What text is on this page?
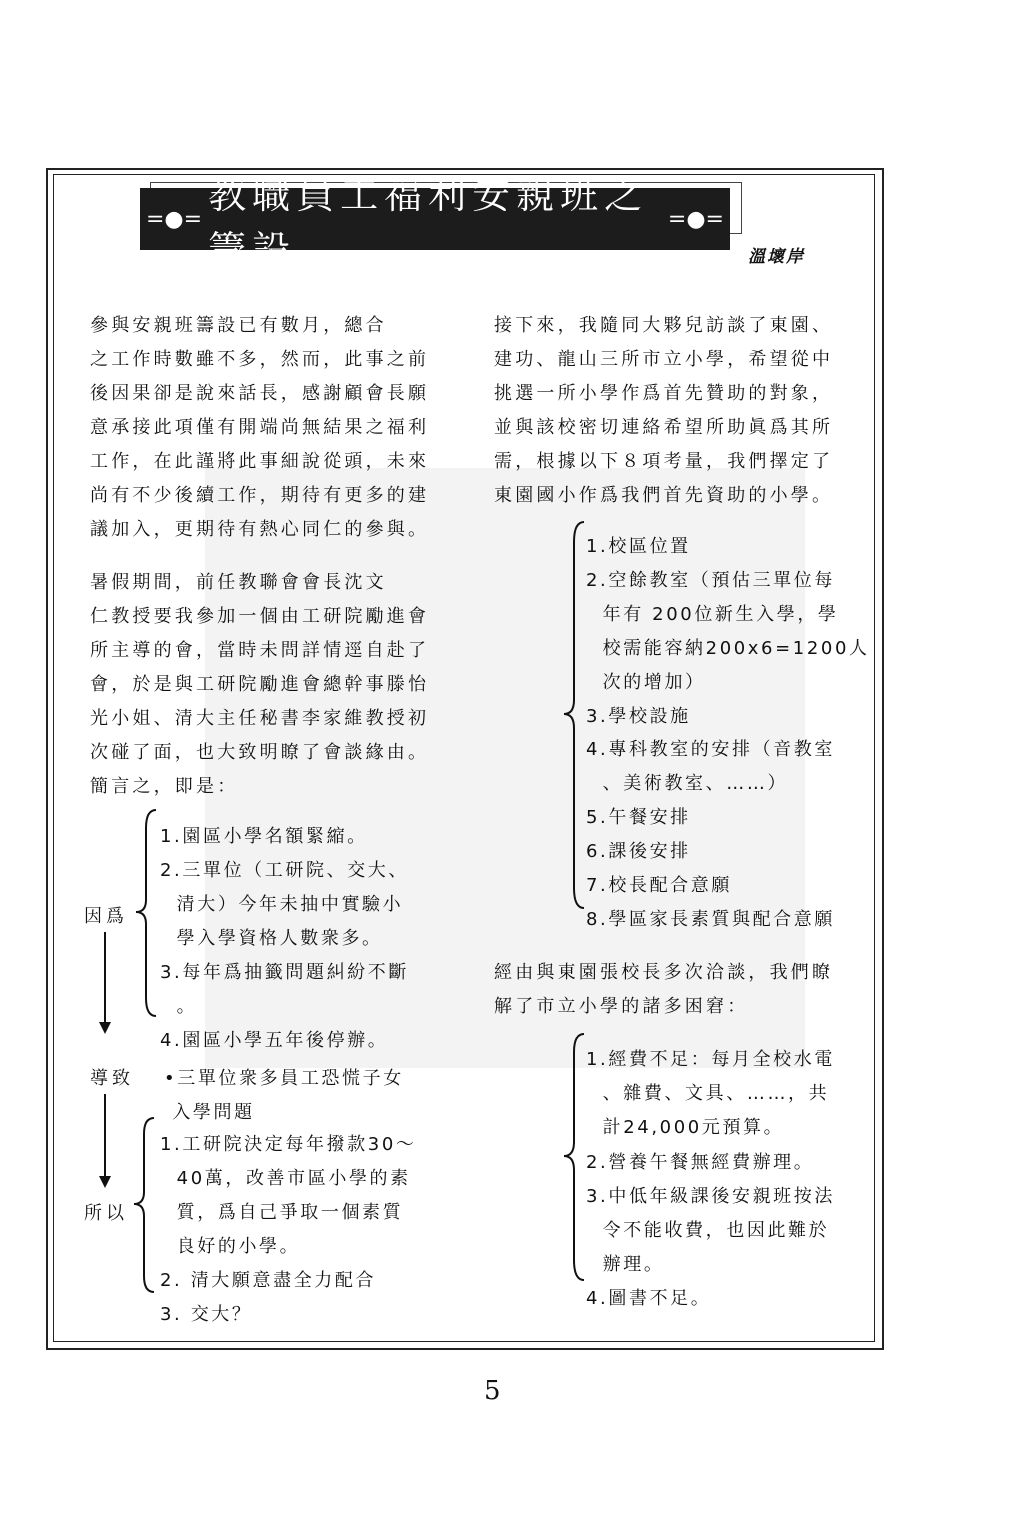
=●=
教職員工福利安親班之籌設
=●=
溫壞岸
參與安親班籌設已有數月，總合
之工作時數雖不多，然而，此事之前
後因果卻是說來話長，感謝顧會長願
意承接此項僅有開端尚無結果之福利
工作，在此謹將此事細說從頭，未來
尚有不少後續工作，期待有更多的建
議加入，更期待有熱心同仁的參與。
暑假期間，前任教聯會會長沈文
仁教授要我參加一個由工研院勵進會
所主導的會，當時未問詳情逕自赴了
會，於是與工研院勵進會總幹事滕怡
光小姐、清大主任秘書李家維教授初
次碰了面，也大致明瞭了會談緣由。
簡言之，即是：
因爲
1.園區小學名額緊縮。
2.三單位（工研院、交大、
清大）今年未抽中實驗小
學入學資格人數衆多。
3.每年爲抽籤問題糾紛不斷
。
4.園區小學五年後停辦。
導致 •三單位衆多員工恐慌子女
入學問題
所以
1.工研院決定每年撥款30～
40萬，改善市區小學的素
質，爲自己爭取一個素質
良好的小學。
2. 清大願意盡全力配合
3. 交大？
接下來，我隨同大夥兒訪談了東園、
建功、龍山三所市立小學，希望從中
挑選一所小學作爲首先贊助的對象，
並與該校密切連絡希望所助眞爲其所
需，根據以下８項考量，我們擇定了
東園國小作爲我們首先資助的小學。
1.校區位置
2.空餘教室（預估三單位每
年有 200位新生入學，學
校需能容納200x6=1200人
次的增加）
3.學校設施
4.專科教室的安排（音教室
、美術教室、……）
5.午餐安排
6.課後安排
7.校長配合意願
8.學區家長素質與配合意願
經由與東園張校長多次洽談，我們瞭
解了市立小學的諸多困窘：
1.經費不足：每月全校水電
、雜費、文具、……，共
計24,000元預算。
2.營養午餐無經費辦理。
3.中低年級課後安親班按法
令不能收費，也因此難於
辦理。
4.圖書不足。
5
